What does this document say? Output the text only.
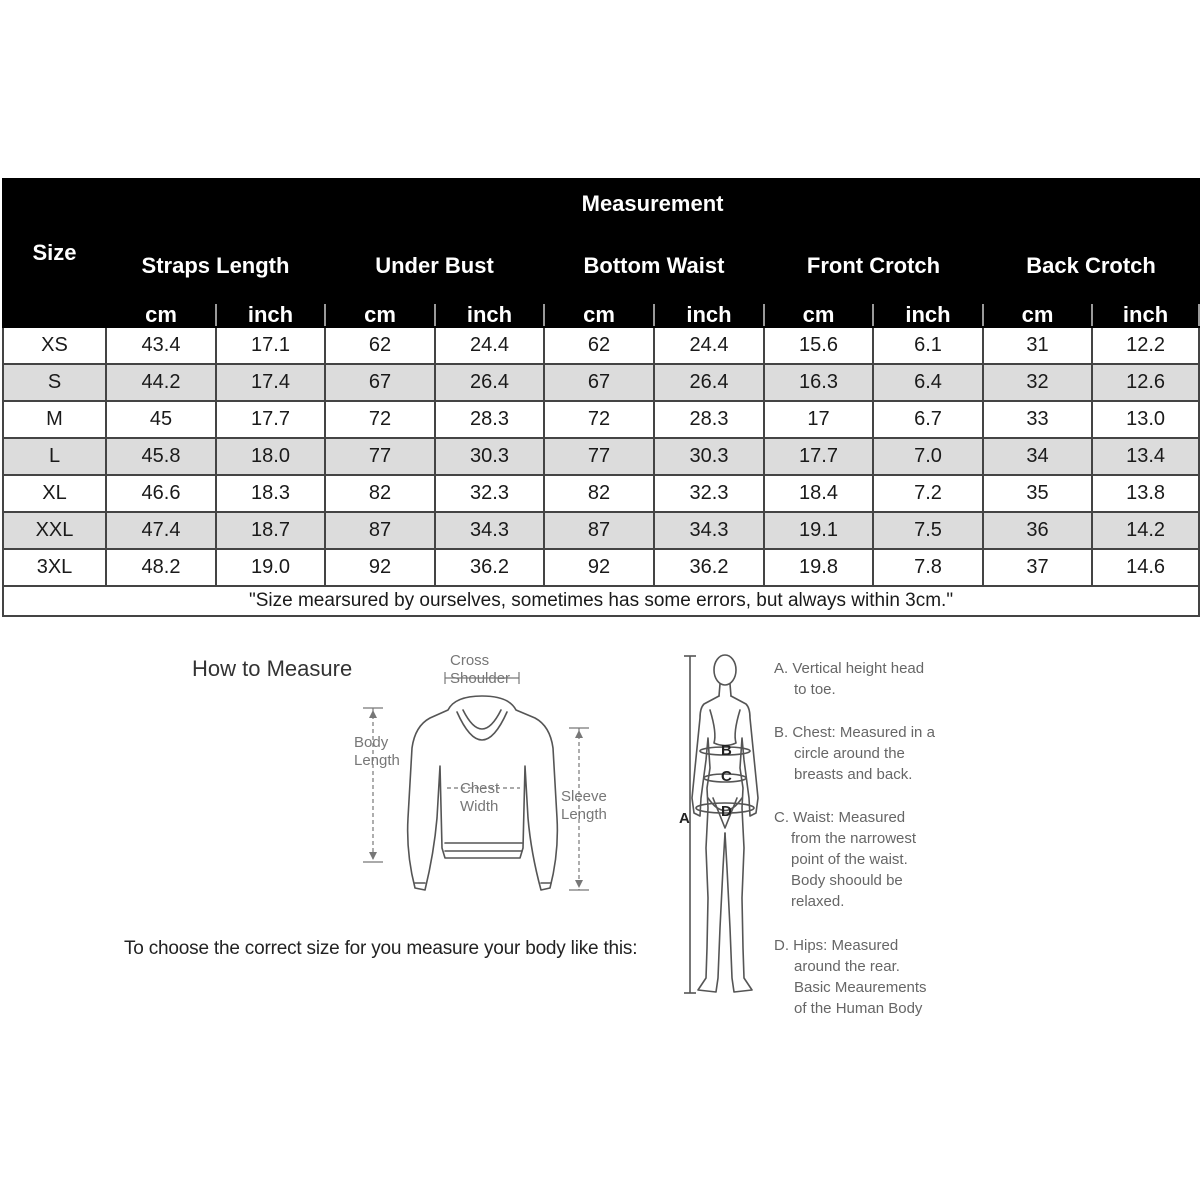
Size	Measurement									
	Straps Length		Under Bust		Bottom Waist		Front Crotch		Back Crotch	
	cm	inch	cm	inch	cm	inch	cm	inch	cm	inch
XS	43.4	17.1	62	24.4	62	24.4	15.6	6.1	31	12.2
S	44.2	17.4	67	26.4	67	26.4	16.3	6.4	32	12.6
M	45	17.7	72	28.3	72	28.3	17	6.7	33	13.0
L	45.8	18.0	77	30.3	77	30.3	17.7	7.0	34	13.4
XL	46.6	18.3	82	32.3	82	32.3	18.4	7.2	35	13.8
XXL	47.4	18.7	87	34.3	87	34.3	19.1	7.5	36	14.2
3XL	48.2	19.0	92	36.2	92	36.2	19.8	7.8	37	14.6
"Size mearsured by ourselves, sometimes has some errors, but always within 3cm."										
How to Measure	Cross
Shoulder
Body
Length
Chest
Width
Sleeve
Length
To choose the correct size for you measure your body like this:
A
B
C
D
A. Vertical height head
to toe.
B. Chest: Measured in a
circle around the
breasts and back.
C. Waist: Measured
from the narrowest
point of the waist.
Body shoould be
relaxed.
D. Hips: Measured
around the rear.
Basic Meaurements
of the Human Body
